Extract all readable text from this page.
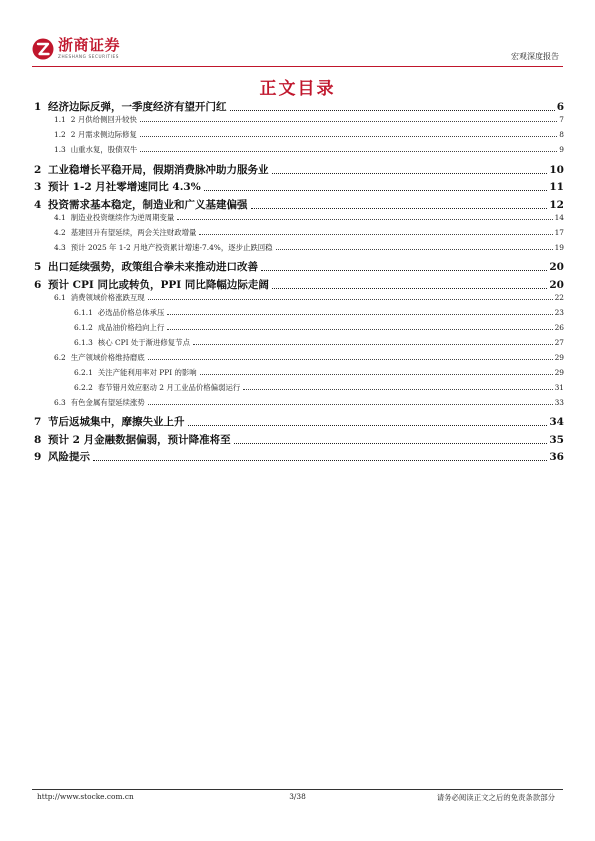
浙商证券
ZHESHANG SECURITIES	宏观深度报告
正文目录
1 经济边际反弹，一季度经济有望开门红	6
1.1 2 月供给侧回升较快	7
1.2 2 月需求侧边际修复	8
1.3 山重水复，股债双牛	9
2 工业稳增长平稳开局，假期消费脉冲助力服务业	10
3 预计 1-2 月社零增速同比 4.3%	11
4 投资需求基本稳定，制造业和广义基建偏强	12
4.1 制造业投资继续作为逆周期变量	14
4.2 基建回升有望延续，两会关注财政增量	17
4.3 预计 2025 年 1-2 月地产投资累计增速-7.4%，逐步止跌回稳	19
5 出口延续强势，政策组合拳未来推动进口改善	20
6 预计 CPI 同比或转负，PPI 同比降幅边际走阔	20
6.1 消费领域价格涨跌互现	22
6.1.1 必选品价格总体承压	23
6.1.2 成品油价格趋向上行	26
6.1.3 核心 CPI 处于渐进修复节点	27
6.2 生产领域价格维持磨底	29
6.2.1 关注产能利用率对 PPI 的影响	29
6.2.2 春节错月效应驱动 2 月工业品价格偏弱运行	31
6.3 有色金属有望延续涨势	33
7 节后返城集中，摩擦失业上升	34
8 预计 2 月金融数据偏弱，预计降准将至	35
9 风险提示	36
http://www.stocke.com.cn	3/38	请务必阅读正文之后的免责条款部分
